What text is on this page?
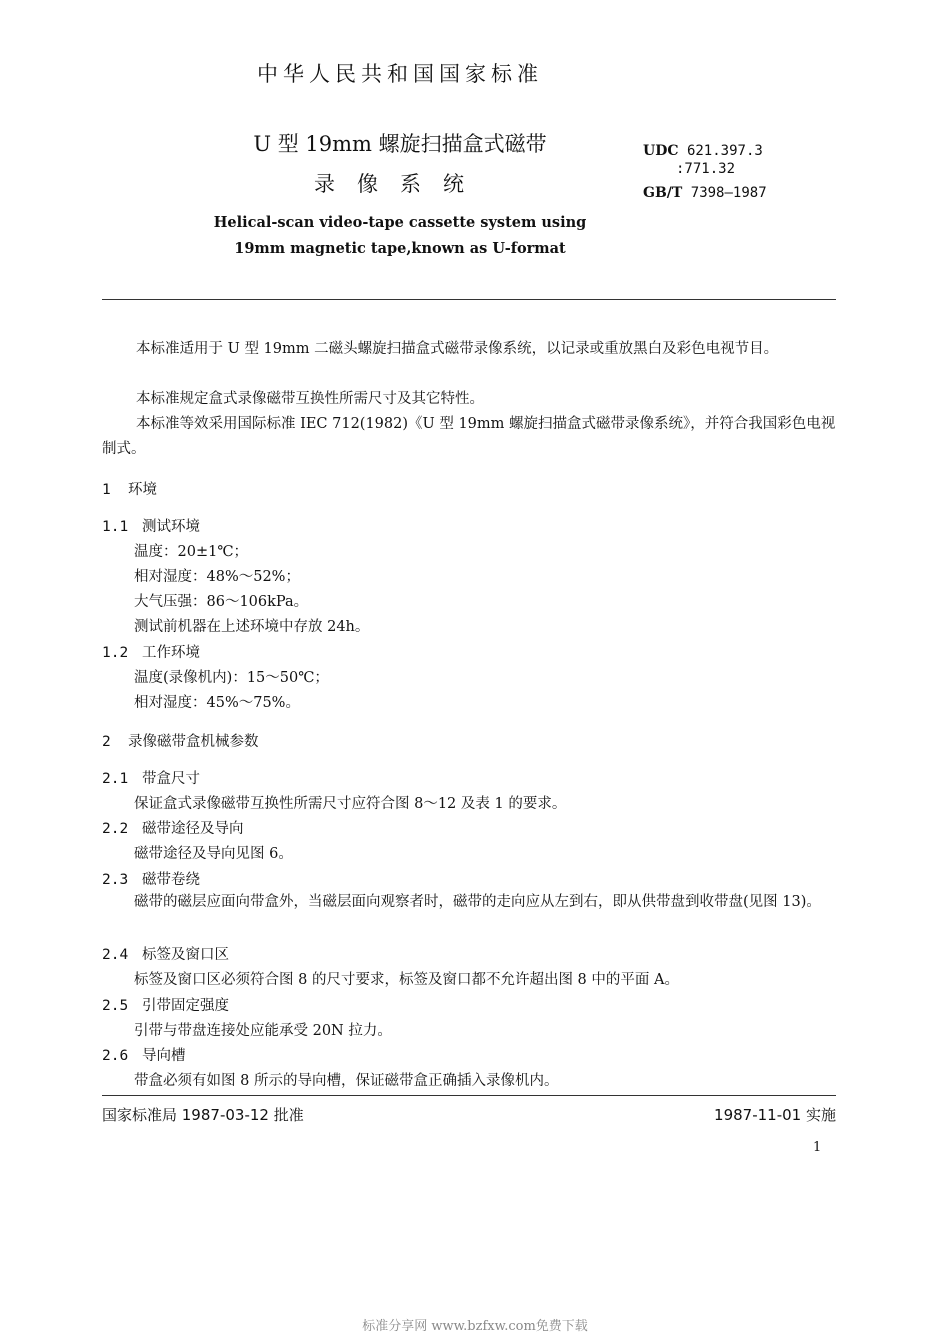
中华人民共和国国家标准
U 型 19mm 螺旋扫描盒式磁带
录像系统
Helical-scan video-tape cassette system using
19mm magnetic tape,known as U-format
UDC 621.397.3
:771.32
GB/T 7398—1987
本标准适用于 U 型 19mm 二磁头螺旋扫描盒式磁带录像系统，以记录或重放黑白及彩色电视节目。
本标准规定盒式录像磁带互换性所需尺寸及其它特性。
本标准等效采用国际标准 IEC 712(1982)《U 型 19mm 螺旋扫描盒式磁带录像系统》，并符合我国彩色电视制式。
1 环境
1.1 测试环境
温度：20±1℃；
相对湿度：48%～52%；
大气压强：86～106kPa。
测试前机器在上述环境中存放 24h。
1.2 工作环境
温度(录像机内)：15～50℃；
相对湿度：45%～75%。
2 录像磁带盒机械参数
2.1 带盒尺寸
保证盒式录像磁带互换性所需尺寸应符合图 8～12 及表 1 的要求。
2.2 磁带途径及导向
磁带途径及导向见图 6。
2.3 磁带卷绕
磁带的磁层应面向带盒外，当磁层面向观察者时，磁带的走向应从左到右，即从供带盘到收带盘(见图 13)。
2.4 标签及窗口区
标签及窗口区必须符合图 8 的尺寸要求，标签及窗口都不允许超出图 8 中的平面 A。
2.5 引带固定强度
引带与带盘连接处应能承受 20N 拉力。
2.6 导向槽
带盒必须有如图 8 所示的导向槽，保证磁带盒正确插入录像机内。
国家标准局 1987-03-12 批准	1987-11-01 实施
1
标准分享网 www.bzfxw.com免费下载
